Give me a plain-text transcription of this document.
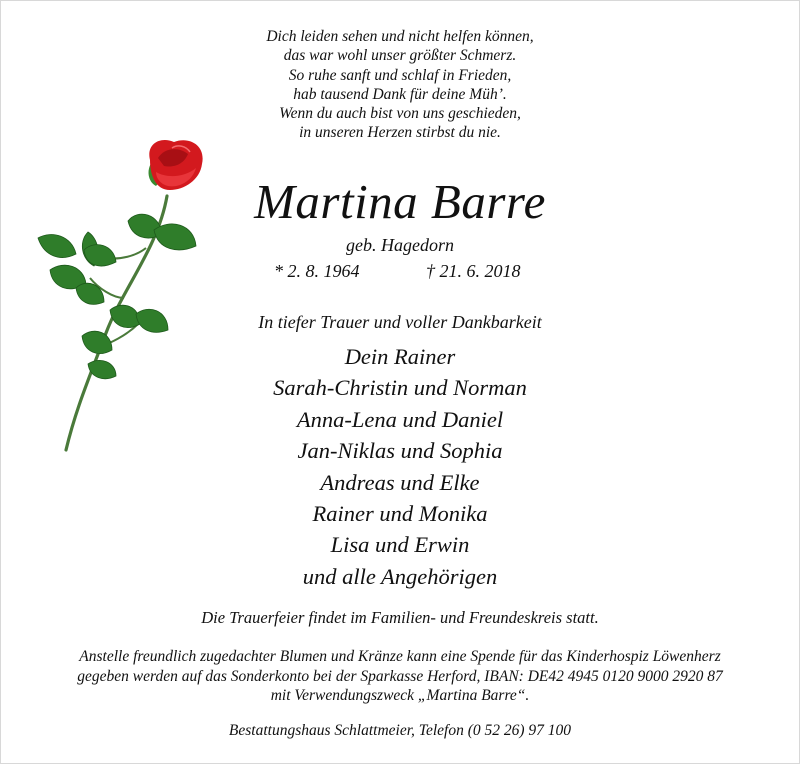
Dich leiden sehen und nicht helfen können,
das war wohl unser größter Schmerz.
So ruhe sanft und schlaf in Frieden,
hab tausend Dank für deine Müh’.
Wenn du auch bist von uns geschieden,
in unseren Herzen stirbst du nie.
Martina Barre
geb. Hagedorn
* 2. 8. 1964	† 21. 6. 2018
In tiefer Trauer und voller Dankbarkeit
Dein Rainer
Sarah-Christin und Norman
Anna-Lena und Daniel
Jan-Niklas und Sophia
Andreas und Elke
Rainer und Monika
Lisa und Erwin
und alle Angehörigen
Die Trauerfeier findet im Familien- und Freundeskreis statt.
Anstelle freundlich zugedachter Blumen und Kränze kann eine Spende für das Kinderhospiz Löwenherz
gegeben werden auf das Sonderkonto bei der Sparkasse Herford, IBAN: DE42 4945 0120 9000 2920 87
mit Verwendungszweck „Martina Barre“.
Bestattungshaus Schlattmeier, Telefon (0 52 26) 97 100
